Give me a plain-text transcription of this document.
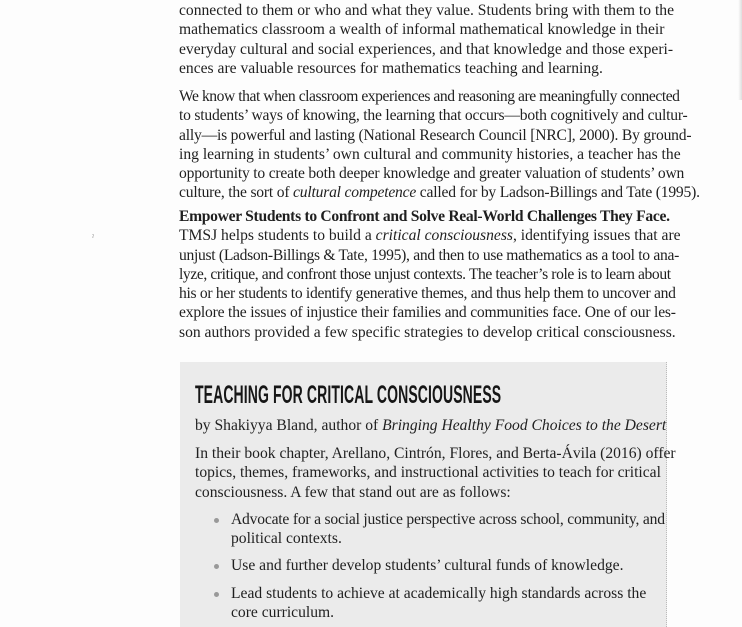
ˀ
connected to them or who and what they value. Students bring with them to the
mathematics classroom a wealth of informal mathematical knowledge in their
everyday cultural and social experiences, and that knowledge and those experi-
ences are valuable resources for mathematics teaching and learning.
We know that when classroom experiences and reasoning are meaningfully connected
to students’ ways of knowing, the learning that occurs—both cognitively and cultur-
ally—is powerful and lasting (National Research Council [NRC], 2000). By ground-
ing learning in students’ own cultural and community histories, a teacher has the
opportunity to create both deeper knowledge and greater valuation of students’ own
culture, the sort of cultural competence called for by Ladson-Billings and Tate (1995).
Empower Students to Confront and Solve Real-World Challenges They Face.
TMSJ helps students to build a critical consciousness, identifying issues that are
unjust (Ladson-Billings & Tate, 1995), and then to use mathematics as a tool to ana-
lyze, critique, and confront those unjust contexts. The teacher’s role is to learn about
his or her students to identify generative themes, and thus help them to uncover and
explore the issues of injustice their families and communities face. One of our les-
son authors provided a few specific strategies to develop critical consciousness.
TEACHING FOR CRITICAL CONSCIOUSNESS
by Shakiyya Bland, author of Bringing Healthy Food Choices to the Desert
In their book chapter, Arellano, Cintrón, Flores, and Berta-Ávila (2016) offer
topics, themes, frameworks, and instructional activities to teach for critical
consciousness. A few that stand out are as follows:
Advocate for a social justice perspective across school, community, and
political contexts.
Use and further develop students’ cultural funds of knowledge.
Lead students to achieve at academically high standards across the
core curriculum.
